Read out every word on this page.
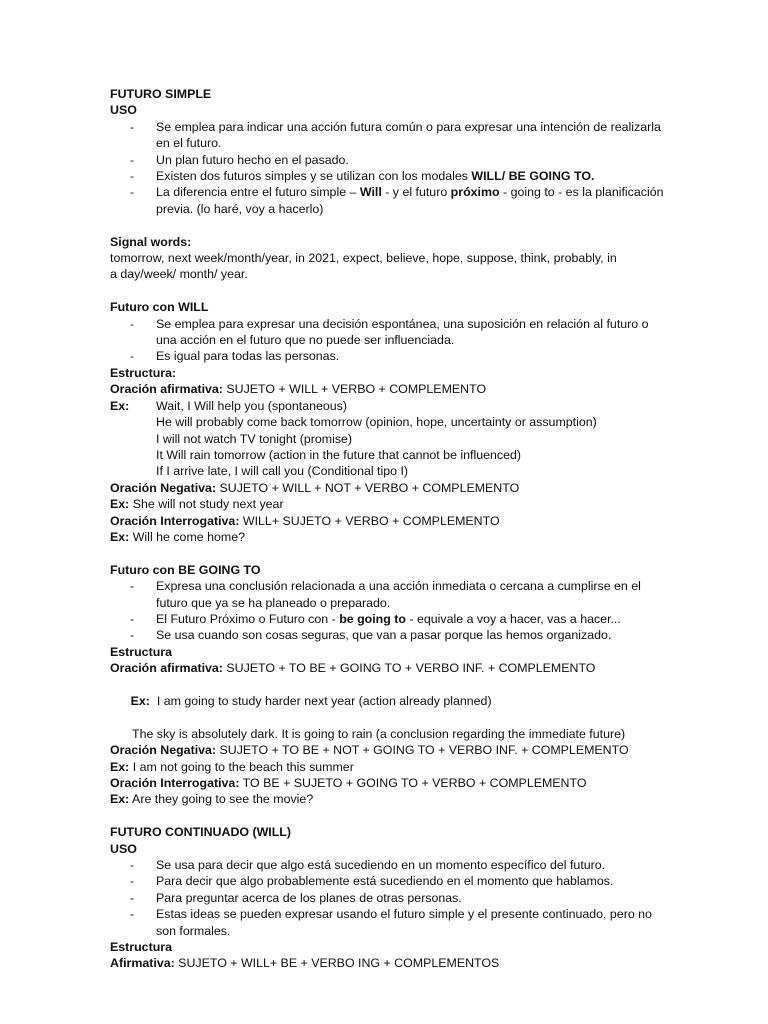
FUTURO SIMPLE
USO
- Se emplea para indicar una acción futura común o para expresar una intención de realizarla en el futuro.
- Un plan futuro hecho en el pasado.
- Existen dos futuros simples y se utilizan con los modales WILL/ BE GOING TO.
- La diferencia entre el futuro simple – Will - y el futuro próximo - going to - es la planificación previa. (lo haré, voy a hacerlo)
Signal words:
tomorrow, next week/month/year, in 2021, expect, believe, hope, suppose, think, probably, in
a day/week/ month/ year.
Futuro con WILL
- Se emplea para expresar una decisión espontánea, una suposición en relación al futuro o una acción en el futuro que no puede ser influenciada.
- Es igual para todas las personas.
Estructura:
Oración afirmativa: SUJETO + WILL + VERBO + COMPLEMENTO
Ex:	Wait, I Will help you (spontaneous)
He will probably come back tomorrow (opinion, hope, uncertainty or assumption)
I will not watch TV tonight (promise)
It Will rain tomorrow (action in the future that cannot be influenced)
If I arrive late, I will call you (Conditional tipo I)
Oración Negativa: SUJETO + WILL + NOT + VERBO + COMPLEMENTO
Ex: She will not study next year
Oración Interrogativa: WILL+ SUJETO + VERBO + COMPLEMENTO
Ex: Will he come home?
Futuro con BE GOING TO
- Expresa una conclusión relacionada a una acción inmediata o cercana a cumplirse en el futuro que ya se ha planeado o preparado.
- El Futuro Próximo o Futuro con - be going to - equivale a voy a hacer, vas a hacer...
- Se usa cuando son cosas seguras, que van a pasar porque las hemos organizado.
Estructura
Oración afirmativa: SUJETO + TO BE + GOING TO + VERBO INF. + COMPLEMENTO

Ex:  I am going to study harder next year (action already planned)

The sky is absolutely dark. It is going to rain (a conclusion regarding the immediate future)
Oración Negativa: SUJETO + TO BE + NOT + GOING TO + VERBO INF. + COMPLEMENTO
Ex: I am not going to the beach this summer
Oración Interrogativa: TO BE + SUJETO + GOING TO + VERBO + COMPLEMENTO
Ex: Are they going to see the movie?
FUTURO CONTINUADO (WILL)
USO
- Se usa para decir que algo está sucediendo en un momento específico del futuro.
- Para decir que algo probablemente está sucediendo en el momento que hablamos.
- Para preguntar acerca de los planes de otras personas.
- Estas ideas se pueden expresar usando el futuro simple y el presente continuado, pero no son formales.
Estructura
Afirmativa: SUJETO + WILL+ BE + VERBO ING + COMPLEMENTOS
